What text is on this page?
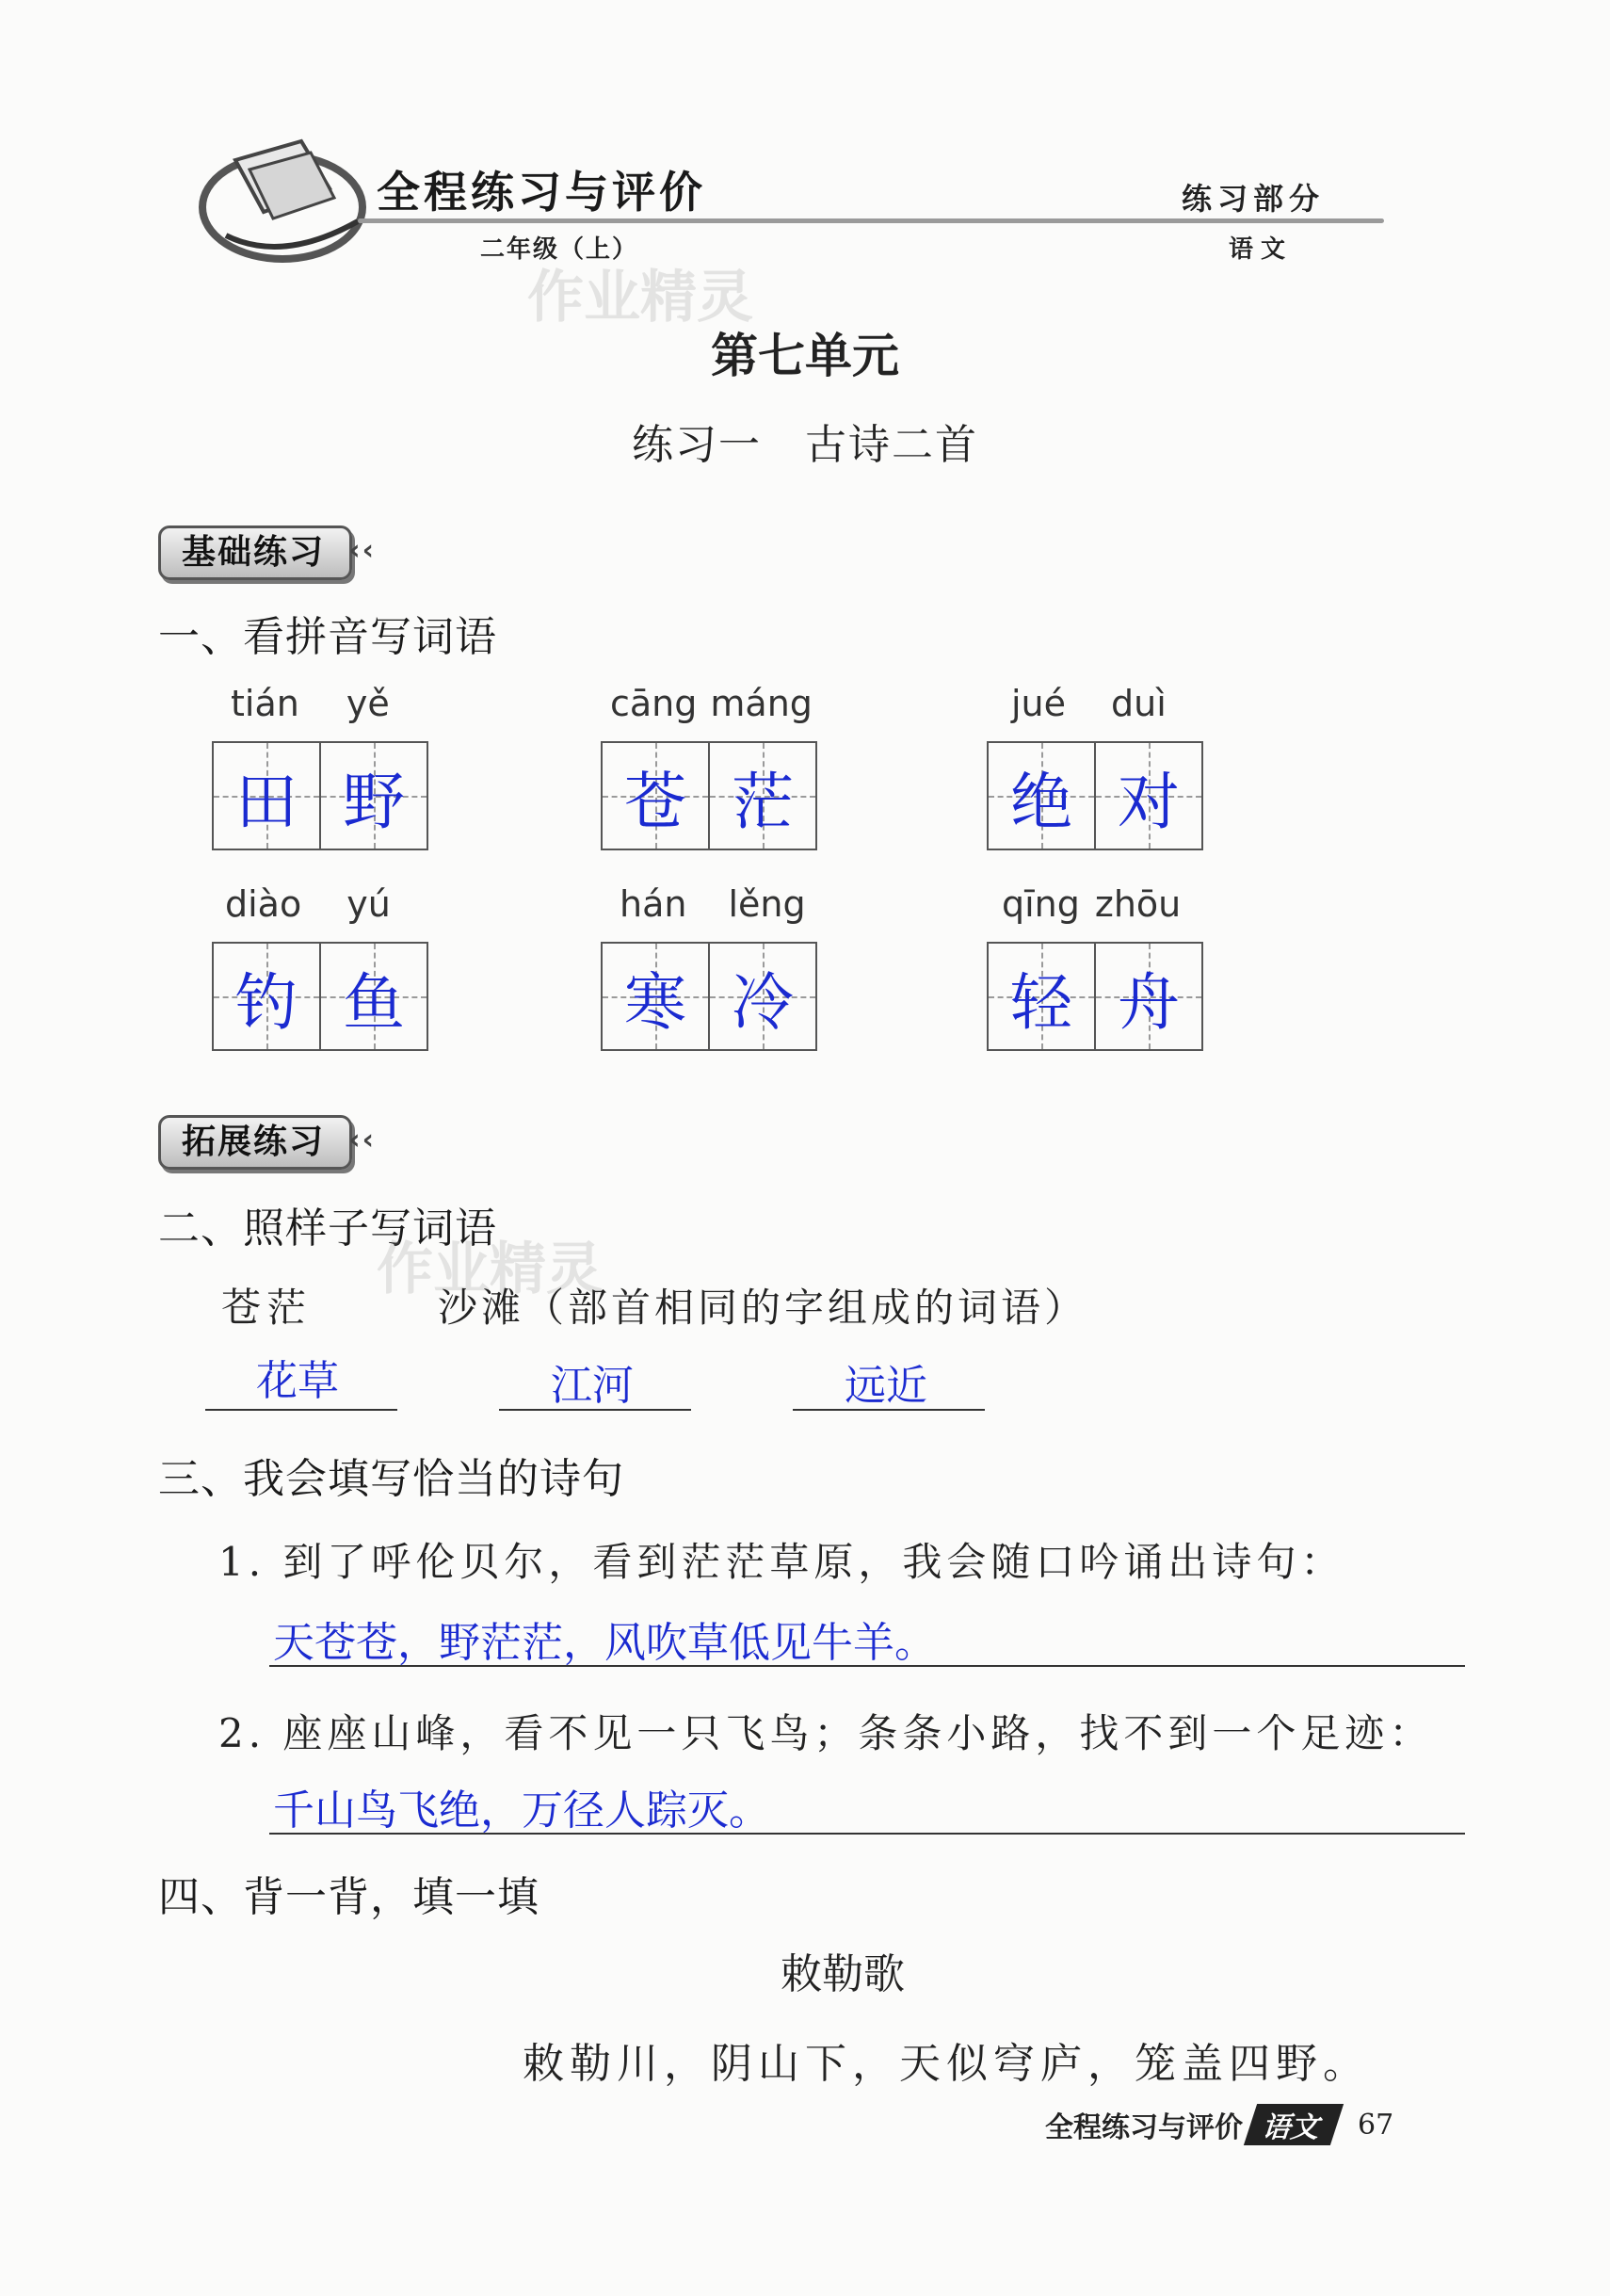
全程练习与评价
二年级（上）
练习部分
语文
作业精灵
第七单元
练习一　古诗二首
基础练习 ‹‹
一、看拼音写词语
tián yě
田 野
cāng máng
苍 茫
jué duì
绝 对
diào yú
钓 鱼
hán lěng
寒 冷
qīng zhōu
轻 舟
拓展练习 ‹‹
二、照样子写词语
作业精灵
苍茫	沙滩（部首相同的字组成的词语）
花草	江河	远近
三、我会填写恰当的诗句
1. 到了呼伦贝尔，看到茫茫草原，我会随口吟诵出诗句：
天苍苍，野茫茫，风吹草低见牛羊。
2. 座座山峰，看不见一只飞鸟；条条小路，找不到一个足迹：
千山鸟飞绝，万径人踪灭。
四、背一背，填一填
敕勒歌
敕勒川，阴山下，天似穹庐，笼盖四野。
全程练习与评价 语文	67
